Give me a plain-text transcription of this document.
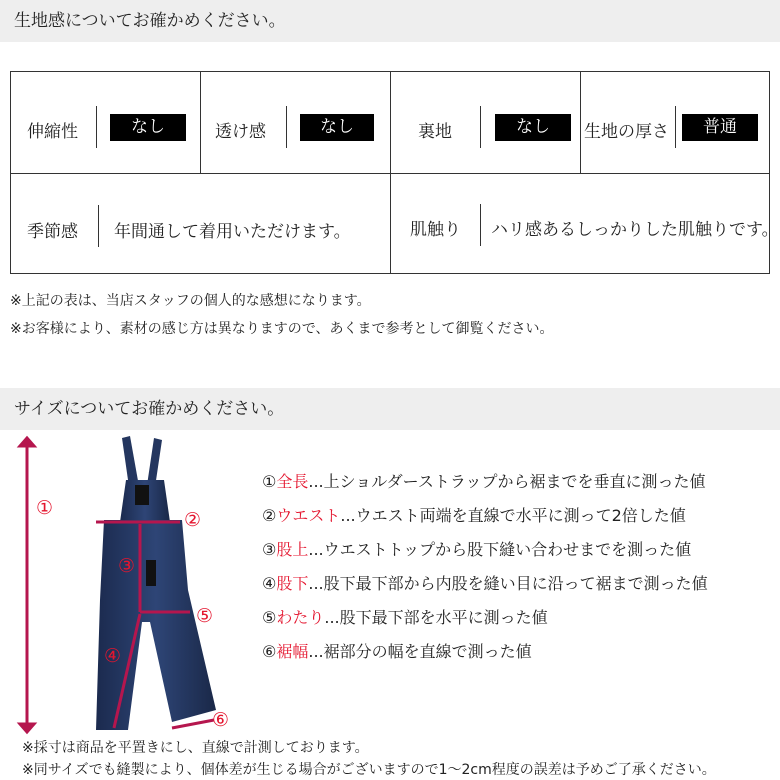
生地感についてお確かめください。
伸縮性	なし	透け感	なし	裏地	なし	生地の厚さ	普通
季節感 年間通して着用いただけます。	肌触り ハリ感あるしっかりした肌触りです。
※上記の表は、当店スタッフの個人的な感想になります。
※お客様により、素材の感じ方は異なりますので、あくまで参考として御覧ください。
サイズについてお確かめください。
①
②
③
④
⑤
⑥
①全長...上ショルダーストラップから裾までを垂直に測った値
②ウエスト...ウエスト両端を直線で水平に測って2倍した値
③股上...ウエストトップから股下縫い合わせまでを測った値
④股下...股下最下部から内股を縫い目に沿って裾まで測った値
⑤わたり...股下最下部を水平に測った値
⑥裾幅...裾部分の幅を直線で測った値
※採寸は商品を平置きにし、直線で計測しております。
※同サイズでも縫製により、個体差が生じる場合がございますので1～2cm程度の誤差は予めご了承ください。
